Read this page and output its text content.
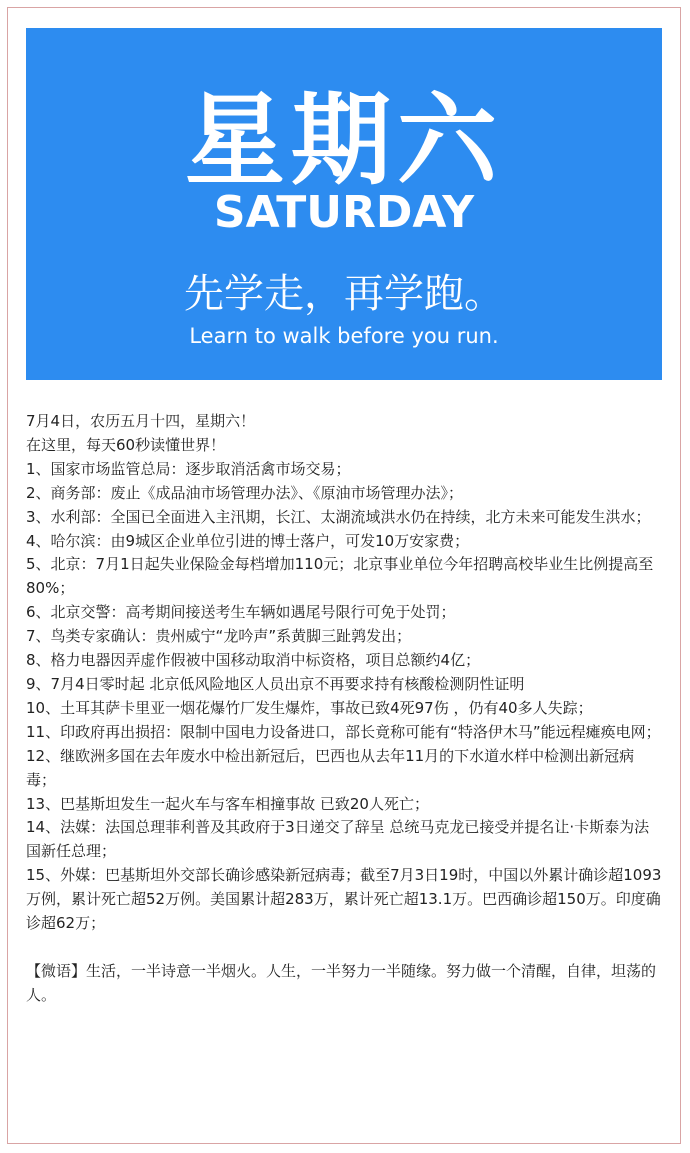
星期六
SATURDAY
先学走，再学跑。
Learn to walk before you run.

7月4日，农历五月十四，星期六！

在这里，每天60秒读懂世界！

1、国家市场监管总局：逐步取消活禽市场交易；

2、商务部：废止《成品油市场管理办法》、《原油市场管理办法》；

3、水利部：全国已全面进入主汛期，长江、太湖流域洪水仍在持续，北方未来可能发生洪水；

4、哈尔滨：由9城区企业单位引进的博士落户，可发10万安家费；

5、北京：7月1日起失业保险金每档增加110元；北京事业单位今年招聘高校毕业生比例提高至80%；

6、北京交警：高考期间接送考生车辆如遇尾号限行可免于处罚；

7、鸟类专家确认：贵州威宁“龙吟声”系黄脚三趾鹑发出；

8、格力电器因弄虚作假被中国移动取消中标资格，项目总额约4亿；

9、7月4日零时起 北京低风险地区人员出京不再要求持有核酸检测阴性证明

10、土耳其萨卡里亚一烟花爆竹厂发生爆炸，事故已致4死97伤 ，仍有40多人失踪；

11、印政府再出损招：限制中国电力设备进口，部长竟称可能有“特洛伊木马”能远程瘫痪电网；

12、继欧洲多国在去年废水中检出新冠后，巴西也从去年11月的下水道水样中检测出新冠病毒；

13、巴基斯坦发生一起火车与客车相撞事故 已致20人死亡；

14、法媒：法国总理菲利普及其政府于3日递交了辞呈 总统马克龙已接受并提名让·卡斯泰为法国新任总理；

15、外媒：巴基斯坦外交部长确诊感染新冠病毒；截至7月3日19时，中国以外累计确诊超1093万例，累计死亡超52万例。美国累计超283万，累计死亡超13.1万。巴西确诊超150万。印度确诊超62万；

【微语】生活，一半诗意一半烟火。人生，一半努力一半随缘。努力做一个清醒，自律，坦荡的人。
